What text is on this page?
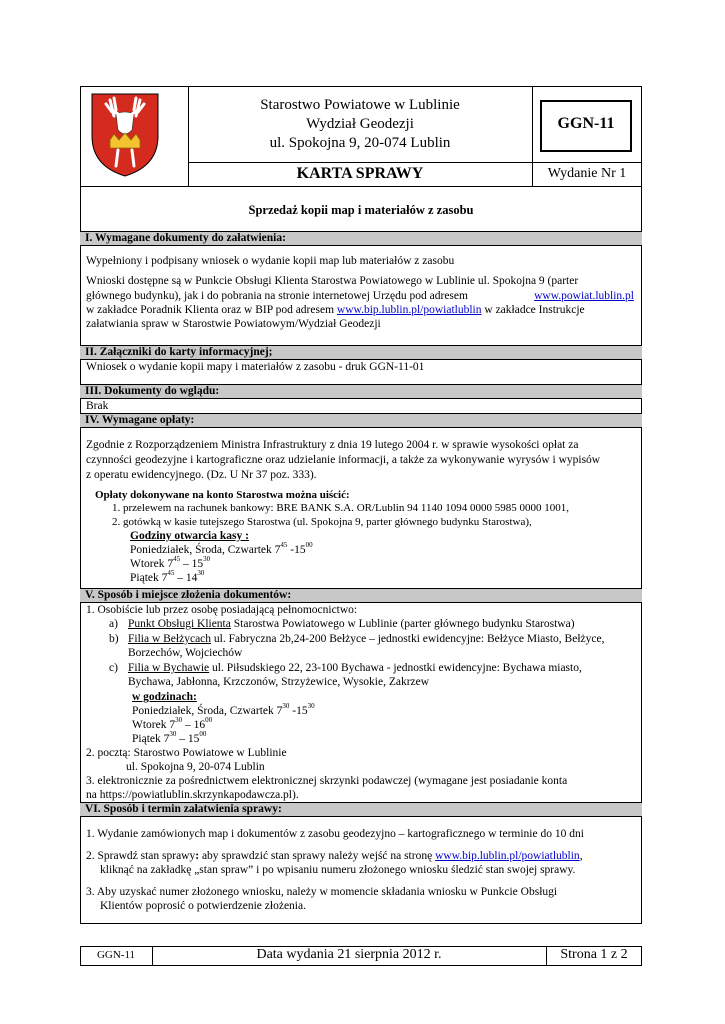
Starostwo Powiatowe w Lublinie
Wydział Geodezji
ul. Spokojna 9, 20-074 Lublin
GGN-11
KARTA SPRAWY	Wydanie Nr 1
Sprzedaż kopii map i materiałów z zasobu
I. Wymagane dokumenty do załatwienia:
Wypełniony i podpisany wniosek o wydanie kopii map lub materiałów z zasobu
Wnioski dostępne są w Punkcie Obsługi Klienta Starostwa Powiatowego w Lublinie ul. Spokojna 9 (parter
głównego budynku), jak i do pobrania na stronie internetowej Urzędu pod adresem	www.powiat.lublin.pl
w zakładce Poradnik Klienta oraz w BIP pod adresem www.bip.lublin.pl/powiatlublin w zakładce Instrukcje
załatwiania spraw w Starostwie Powiatowym/Wydział Geodezji
II. Załączniki do karty informacyjnej;
Wniosek o wydanie kopii mapy i materiałów z zasobu - druk GGN-11-01
III. Dokumenty do wglądu:
Brak
IV. Wymagane opłaty:
Zgodnie z Rozporządzeniem Ministra Infrastruktury z dnia 19 lutego 2004 r. w sprawie wysokości opłat za
czynności geodezyjne i kartograficzne oraz udzielanie informacji, a także za wykonywanie wyrysów i wypisów
z operatu ewidencyjnego. (Dz. U Nr 37 poz. 333).
Opłaty dokonywane na konto Starostwa można uiścić:
1. przelewem na rachunek bankowy: BRE BANK S.A. OR/Lublin 94 1140 1094 0000 5985 0000 1001,
2. gotówką w kasie tutejszego Starostwa (ul. Spokojna 9, parter głównego budynku Starostwa),
Godziny otwarcia kasy :
Poniedziałek, Środa, Czwartek $7^{45}$ $-15^{00}$
Wtorek $7^{45} - 15^{30}$
Piątek $7^{45} - 14^{30}$
V. Sposób i miejsce złożenia dokumentów:
1. Osobiście lub przez osobę posiadającą pełnomocnictwo:
a) Punkt Obsługi Klienta Starostwa Powiatowego w Lublinie (parter głównego budynku Starostwa)
b) Filia w Bełżycach ul. Fabryczna 2b,24-200 Bełżyce – jednostki ewidencyjne: Bełżyce Miasto, Bełżyce,
Borzechów, Wojciechów
c) Filia w Bychawie ul. Piłsudskiego 22, 23-100 Bychawa - jednostki ewidencyjne: Bychawa miasto,
Bychawa, Jabłonna, Krzczonów, Strzyżewice, Wysokie, Zakrzew
w godzinach:
Poniedziałek, Środa, Czwartek $7^{30}$ $-15^{30}$
Wtorek $7^{30} - 16^{00}$
Piątek $7^{30} - 15^{00}$
2. pocztą: Starostwo Powiatowe w Lublinie
ul. Spokojna 9, 20-074 Lublin
3. elektronicznie za pośrednictwem elektronicznej skrzynki podawczej (wymagane jest posiadanie konta
na https://powiatlublin.skrzynkapodawcza.pl).
VI. Sposób i termin załatwienia sprawy:
1. Wydanie zamówionych map i dokumentów z zasobu geodezyjno – kartograficznego w terminie do 10 dni
2. Sprawdź stan sprawy: aby sprawdzić stan sprawy należy wejść na stronę www.bip.lublin.pl/powiatlublin,
kliknąć na zakładkę „stan spraw” i po wpisaniu numeru złożonego wniosku śledzić stan swojej sprawy.
3. Aby uzyskać numer złożonego wniosku, należy w momencie składania wniosku w Punkcie Obsługi
Klientów poprosić o potwierdzenie złożenia.
GGN-11	Data wydania 21 sierpnia 2012 r.	Strona 1 z 2
